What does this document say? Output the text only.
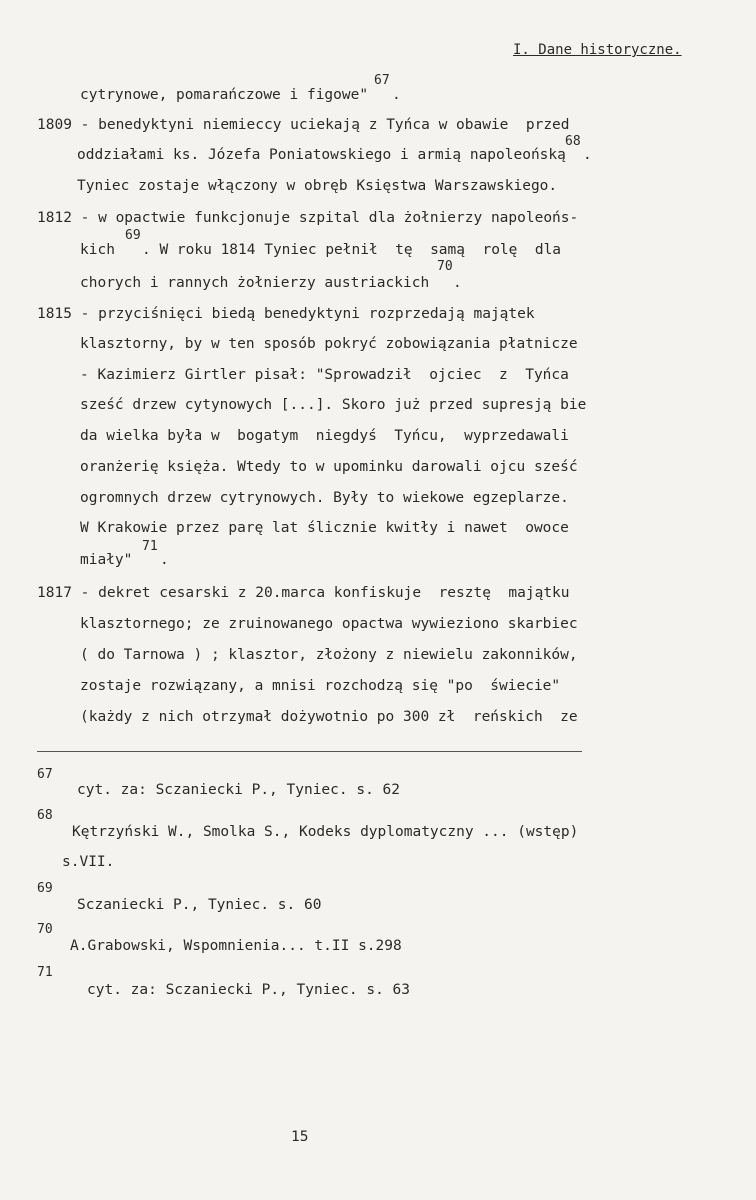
I. Dane historyczne.
cytrynowe, pomarańczowe i figowe"
67
.
1809 - benedyktyni niemieccy uciekają z Tyńca w obawie  przed
oddziałami ks. Józefa Poniatowskiego i armią napoleońską
68
.
Tyniec zostaje włączony w obręb Księstwa Warszawskiego.
1812 - w opactwie funkcjonuje szpital dla żołnierzy napoleońs-
kich
69
. W roku 1814 Tyniec pełnił  tę  samą  rolę  dla
chorych i rannych żołnierzy austriackich
70
.
1815 - przyciśnięci biedą benedyktyni rozprzedają majątek
klasztorny, by w ten sposób pokryć zobowiązania płatnicze
- Kazimierz Girtler pisał: "Sprowadził  ojciec  z  Tyńca
sześć drzew cytynowych [...]. Skoro już przed supresją bie
da wielka była w  bogatym  niegdyś  Tyńcu,  wyprzedawali
oranżerię księża. Wtedy to w upominku darowali ojcu sześć
ogromnych drzew cytrynowych. Były to wiekowe egzeplarze.
W Krakowie przez parę lat ślicznie kwitły i nawet  owoce
miały"
71
.
1817 - dekret cesarski z 20.marca konfiskuje  resztę  majątku
klasztornego; ze zruinowanego opactwa wywieziono skarbiec
( do Tarnowa ) ; klasztor, złożony z niewielu zakonników,
zostaje rozwiązany, a mnisi rozchodzą się "po  świecie"
(każdy z nich otrzymał dożywotnio po 300 zł  reńskich  ze
67
cyt. za: Sczaniecki P., Tyniec. s. 62
68
Kętrzyński W., Smolka S., Kodeks dyplomatyczny ... (wstęp)
s.VII.
69
Sczaniecki P., Tyniec. s. 60
70
A.Grabowski, Wspomnienia... t.II s.298
71
cyt. za: Sczaniecki P., Tyniec. s. 63
15
